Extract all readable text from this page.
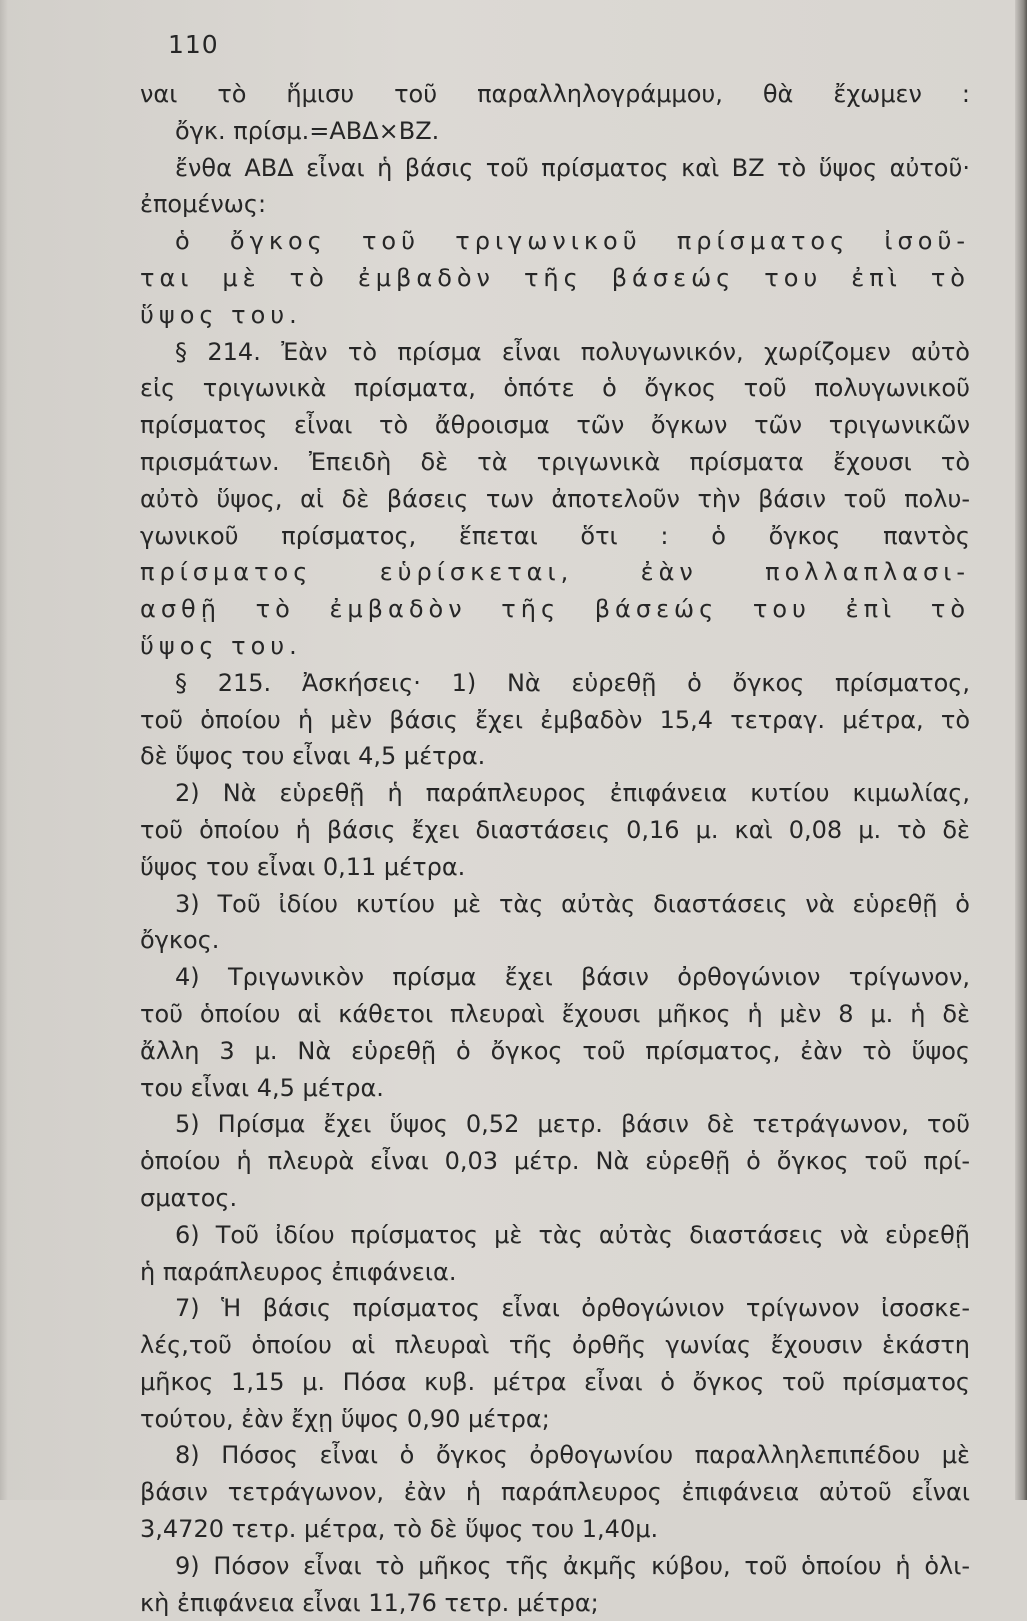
110
ναι τὸ ἥμισυ τοῦ παραλληλογράμμου, θὰ ἔχωμεν :
ὄγκ. πρίσμ.=ΑΒΔ×ΒΖ.
ἔνθα ΑΒΔ εἶναι ἡ βάσις τοῦ πρίσματος καὶ ΒΖ τὸ ὕψος αὐτοῦ·
ἐπομένως:
ὁ ὄγκος τοῦ τριγωνικοῦ πρίσματος ἰσοῦ-
ται μὲ τὸ ἐμβαδὸν τῆς βάσεώς του ἐπὶ τὸ
ὕψος του.
§ 214. Ἐὰν τὸ πρίσμα εἶναι πολυγωνικόν, χωρίζομεν αὐτὸ
εἰς τριγωνικὰ πρίσματα, ὁπότε ὁ ὄγκος τοῦ πολυγωνικοῦ
πρίσματος εἶναι τὸ ἄθροισμα τῶν ὄγκων τῶν τριγωνικῶν
πρισμάτων. Ἐπειδὴ δὲ τὰ τριγωνικὰ πρίσματα ἔχουσι τὸ
αὐτὸ ὕψος, αἱ δὲ βάσεις των ἀποτελοῦν τὴν βάσιν τοῦ πολυ-
γωνικοῦ πρίσματος, ἕπεται ὅτι : ὁ ὄγκος παντὸς
πρίσματος εὑρίσκεται, ἐὰν πολλαπλασι-
ασθῇ τὸ ἐμβαδὸν τῆς βάσεώς του ἐπὶ τὸ
ὕψος του.
§ 215. Ἀσκήσεις· 1) Νὰ εὑρεθῇ ὁ ὄγκος πρίσματος,
τοῦ ὁποίου ἡ μὲν βάσις ἔχει ἐμβαδὸν 15,4 τετραγ. μέτρα, τὸ
δὲ ὕψος του εἶναι 4,5 μέτρα.
2) Νὰ εὑρεθῇ ἡ παράπλευρος ἐπιφάνεια κυτίου κιμωλίας,
τοῦ ὁποίου ἡ βάσις ἔχει διαστάσεις 0,16 μ. καὶ 0,08 μ. τὸ δὲ
ὕψος του εἶναι 0,11 μέτρα.
3) Τοῦ ἰδίου κυτίου μὲ τὰς αὐτὰς διαστάσεις νὰ εὑρεθῇ ὁ
ὄγκος.
4) Τριγωνικὸν πρίσμα ἔχει βάσιν ὀρθογώνιον τρίγωνον,
τοῦ ὁποίου αἱ κάθετοι πλευραὶ ἔχουσι μῆκος ἡ μὲν 8 μ. ἡ δὲ
ἄλλη 3 μ. Νὰ εὑρεθῇ ὁ ὄγκος τοῦ πρίσματος, ἐὰν τὸ ὕψος
του εἶναι 4,5 μέτρα.
5) Πρίσμα ἔχει ὕψος 0,52 μετρ. βάσιν δὲ τετράγωνον, τοῦ
ὁποίου ἡ πλευρὰ εἶναι 0,03 μέτρ. Νὰ εὑρεθῇ ὁ ὄγκος τοῦ πρί-
σματος.
6) Τοῦ ἰδίου πρίσματος μὲ τὰς αὐτὰς διαστάσεις νὰ εὑρεθῇ
ἡ παράπλευρος ἐπιφάνεια.
7) Ἡ βάσις πρίσματος εἶναι ὀρθογώνιον τρίγωνον ἰσοσκε-
λές,τοῦ ὁποίου αἱ πλευραὶ τῆς ὀρθῆς γωνίας ἔχουσιν ἑκάστη
μῆκος 1,15 μ. Πόσα κυβ. μέτρα εἶναι ὁ ὄγκος τοῦ πρίσματος
τούτου, ἐὰν ἔχῃ ὕψος 0,90 μέτρα;
8) Πόσος εἶναι ὁ ὄγκος ὀρθογωνίου παραλληλεπιπέδου μὲ
βάσιν τετράγωνον, ἐὰν ἡ παράπλευρος ἐπιφάνεια αὐτοῦ εἶναι
3,4720 τετρ. μέτρα, τὸ δὲ ὕψος του 1,40μ.
9) Πόσον εἶναι τὸ μῆκος τῆς ἀκμῆς κύβου, τοῦ ὁποίου ἡ ὁλι-
κὴ ἐπιφάνεια εἶναι 11,76 τετρ. μέτρα;
